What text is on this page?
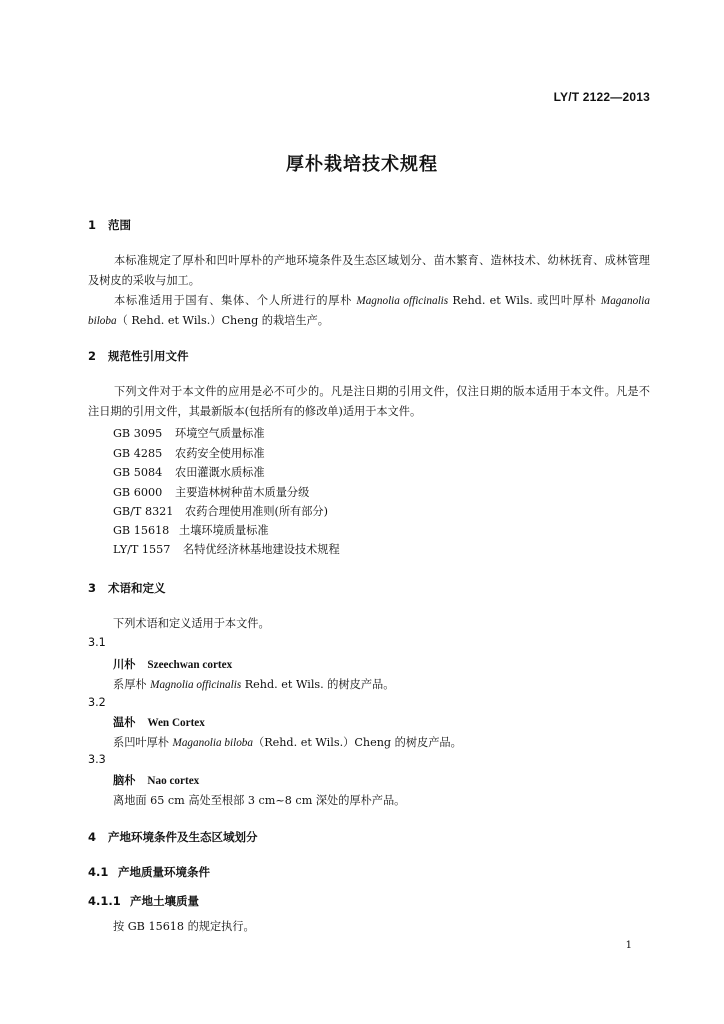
LY/T 2122—2013
厚朴栽培技术规程
1 范围
本标准规定了厚朴和凹叶厚朴的产地环境条件及生态区域划分、苗木繁育、造林技术、幼林抚育、成林管理及树皮的采收与加工。
本标准适用于国有、集体、个人所进行的厚朴 Magnolia officinalis Rehd. et Wils. 或凹叶厚朴 Maganolia biloba（ Rehd. et Wils.）Cheng 的栽培生产。
2 规范性引用文件
下列文件对于本文件的应用是必不可少的。凡是注日期的引用文件，仅注日期的版本适用于本文件。凡是不注日期的引用文件，其最新版本(包括所有的修改单)适用于本文件。
GB 3095 环境空气质量标准
GB 4285 农药安全使用标准
GB 5084 农田灌溉水质标准
GB 6000 主要造林树种苗木质量分级
GB/T 8321 农药合理使用准则(所有部分)
GB 15618 土壤环境质量标准
LY/T 1557 名特优经济林基地建设技术规程
3 术语和定义
下列术语和定义适用于本文件。
3.1
川朴 Szeechwan cortex
系厚朴 Magnolia officinalis Rehd. et Wils. 的树皮产品。
3.2
温朴 Wen Cortex
系凹叶厚朴 Maganolia biloba（Rehd. et Wils.）Cheng 的树皮产品。
3.3
脑朴 Nao cortex
离地面 65 cm 高处至根部 3 cm~8 cm 深处的厚朴产品。
4 产地环境条件及生态区域划分
4.1 产地质量环境条件
4.1.1 产地土壤质量
按 GB 15618 的规定执行。
1
